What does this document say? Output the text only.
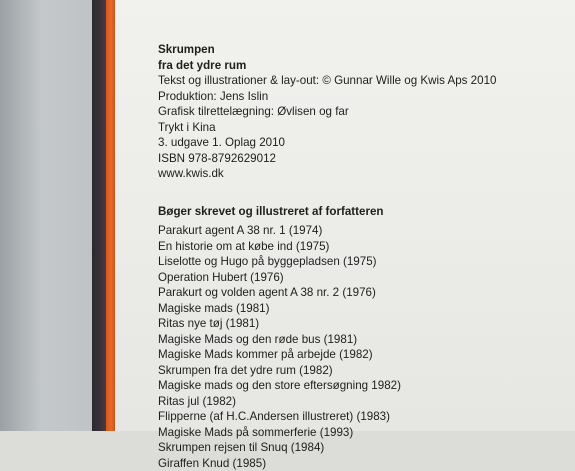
Skrumpen
fra det ydre rum
Tekst og illustrationer & lay-out: © Gunnar Wille og Kwis Aps 2010
Produktion: Jens Islin
Grafisk tilrettelægning: Øvlisen og far
Trykt i Kina
3. udgave 1. Oplag 2010
ISBN 978-8792629012
www.kwis.dk
Bøger skrevet og illustreret af forfatteren
Parakurt agent A 38 nr. 1 (1974)
En historie om at købe ind (1975)
Liselotte og Hugo på byggepladsen (1975)
Operation Hubert (1976)
Parakurt og volden agent A 38 nr. 2 (1976)
Magiske mads (1981)
Ritas nye tøj (1981)
Magiske Mads og den røde bus (1981)
Magiske Mads kommer på arbejde (1982)
Skrumpen fra det ydre rum (1982)
Magiske mads og den store eftersøgning 1982)
Ritas jul (1982)
Flipperne (af H.C.Andersen illustreret) (1983)
Magiske Mads på sommerferie (1993)
Skrumpen rejsen til Snuq (1984)
Giraffen Knud (1985)
